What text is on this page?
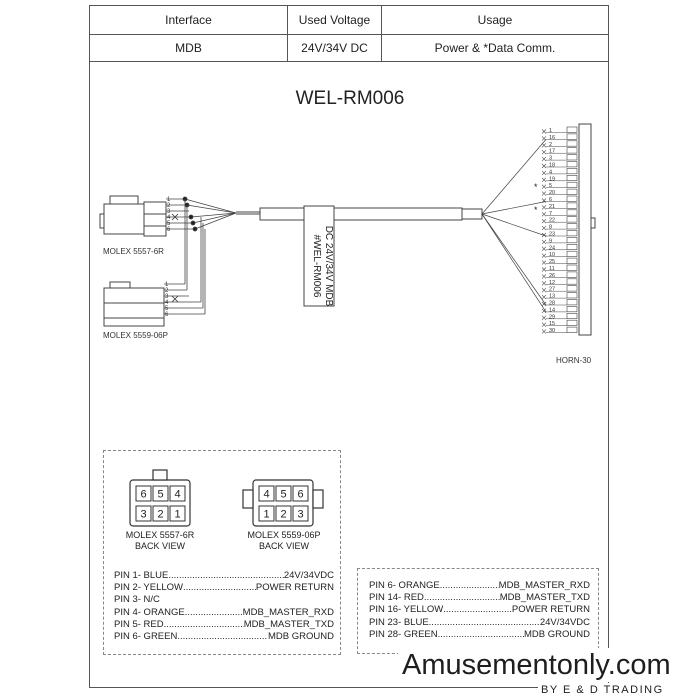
Interface	Used Voltage	Usage
MDB	24V/34V DC	Power & *Data Comm.
WEL-RM006
1
1
2
2
3
3
4
4
5
5
6
6
1
16
2
17
3
18
4
19
5
20
6
21
7
22
8
23
9
24
10
25
11
26
12
27
13
28
14
29
15
30
*
*
DC 24V/34V MDB
#WEL-RM006
MOLEX 5557-6R
MOLEX 5559-06P
HORN-30
6 5 4
3 2 1
4 5 6
1 2 3
MOLEX 5557-6R
BACK VIEW
MOLEX 5559-06P
BACK VIEW
PIN 1- BLUE .....	24V/34VDC
PIN 2- YELLOW .....	POWER RETURN
PIN 3- N/C
PIN 4- ORANGE .....	MDB_MASTER_RXD
PIN 5- RED .....	MDB_MASTER_TXD
PIN 6- GREEN .....	MDB GROUND
PIN 6- ORANGE .....	MDB_MASTER_RXD
PIN 14- RED .....	MDB_MASTER_TXD
PIN 16- YELLOW .....	POWER RETURN
PIN 23- BLUE .....	24V/34VDC
PIN 28- GREEN .....	MDB GROUND
Amusementonly.com
BY E & D TRADING
